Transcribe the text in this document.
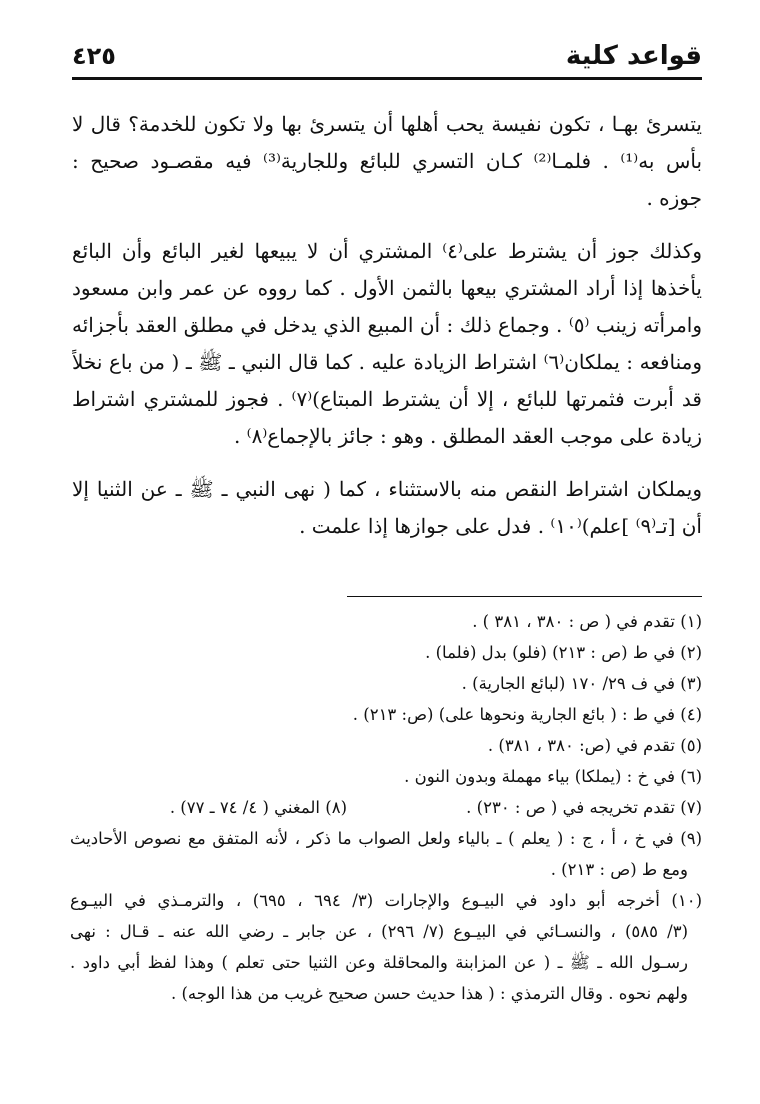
قواعد كلية
٤٢٥
يتسرئ بهـا ، تكون نفيسة يحب أهلها أن يتسرئ بها ولا تكون للخدمة؟ قال لا
بأس به⁽¹⁾ . فلمـا⁽²⁾ كـان التسري للبائع وللجارية⁽³⁾ فيه مقصـود صحيح :
جوزه .
وكذلك جوز أن يشترط على⁽٤⁾ المشتري أن لا يبيعها لغير البائع وأن البائع
يأخذها إذا أراد المشتري بيعها بالثمن الأول . كما رووه عن عمر وابن مسعود
وامرأته زينب ⁽٥⁾ . وجماع ذلك : أن المبيع الذي يدخل في مطلق العقد بأجزائه
ومنافعه : يملكان⁽٦⁾ اشتراط الزيادة عليه . كما قال النبي ـ ﷺ ـ ( من باع نخلاً
قد أبرت فثمرتها للبائع ، إلا أن يشترط المبتاع)⁽٧⁾ . فجوز للمشتري اشتراط
زيادة على موجب العقد المطلق . وهو : جائز بالإجماع⁽٨⁾ .
ويملكان اشتراط النقص منه بالاستثناء ، كما ( نهى النبي ـ ﷺ ـ عن الثنيا إلا
أن [تـ⁽٩⁾ ]علم)⁽١٠⁾ . فدل على جوازها إذا علمت .
(١) تقدم في ( ص : ٣٨٠ ، ٣٨١ ) .
(٢) في ط (ص : ٢١٣) (فلو) بدل (فلما) .
(٣) في ف ٢٩/ ١٧٠ (لبائع الجارية) .
(٤) في ط : ( بائع الجارية ونحوها على) (ص: ٢١٣) .
(٥) تقدم في (ص: ٣٨٠ ، ٣٨١) .
(٦) في خ : (يملكا) بياء مهملة وبدون النون .
(٧) تقدم تخريجه في ( ص : ٢٣٠) .
(٨) المغني ( ٤/ ٧٤ ـ ٧٧) .
(٩) في خ ، أ ، ج : ( يعلم ) ـ بالياء ولعل الصواب ما ذكر ، لأنه المتفق مع نصوص الأحاديث
ومع ط (ص : ٢١٣) .
(١٠) أخرجه أبو داود في البيـوع والإجارات (٣/ ٦٩٤ ، ٦٩٥) ، والترمـذي في البيـوع
(٣/ ٥٨٥) ، والنسـائي في البيـوع (٧/ ٢٩٦) ، عن جابر ـ رضي الله عنه ـ قـال : نهى
رسـول الله ـ ﷺ ـ ( عن المزابنة والمحاقلة وعن الثنيا حتى تعلم ) وهذا لفظ أبي داود .
ولهم نحوه . وقال الترمذي : ( هذا حديث حسن صحيح غريب من هذا الوجه) .
